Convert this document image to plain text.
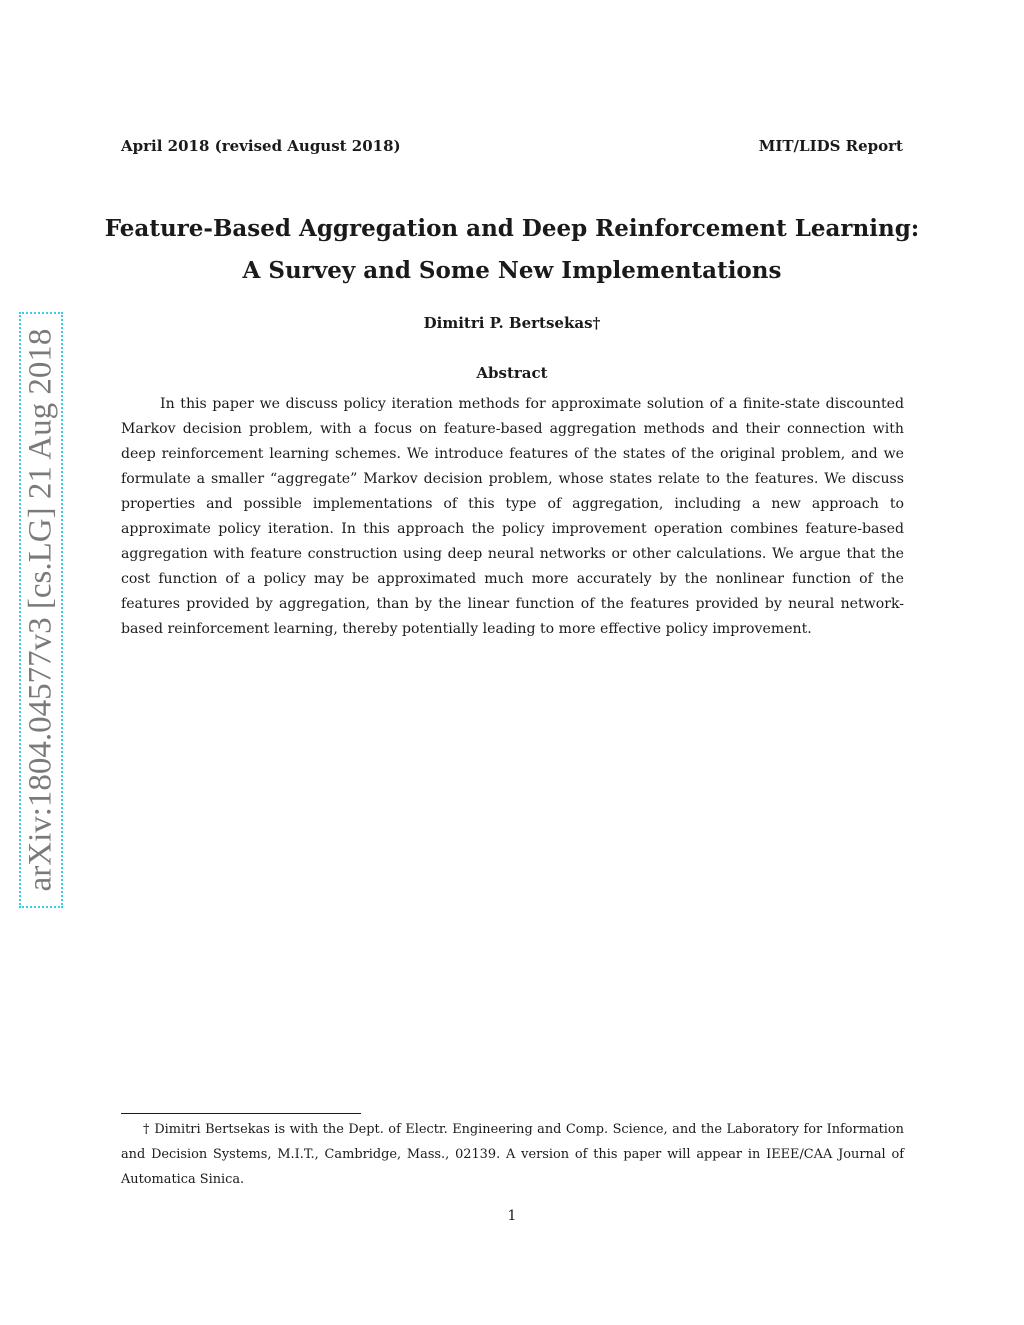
April 2018 (revised August 2018)	MIT/LIDS Report
Feature-Based Aggregation and Deep Reinforcement Learning:
A Survey and Some New Implementations
Dimitri P. Bertsekas†
Abstract
In this paper we discuss policy iteration methods for approximate solution of a finite-state discounted Markov decision problem, with a focus on feature-based aggregation methods and their connection with deep reinforcement learning schemes. We introduce features of the states of the original problem, and we formulate a smaller “aggregate” Markov decision problem, whose states relate to the features. We discuss properties and possible implementations of this type of aggregation, including a new approach to approximate policy iteration. In this approach the policy improvement operation combines feature-based aggregation with feature construction using deep neural networks or other calculations. We argue that the cost function of a policy may be approximated much more accurately by the nonlinear function of the features provided by aggregation, than by the linear function of the features provided by neural network-based reinforcement learning, thereby potentially leading to more effective policy improvement.
arXiv:1804.04577v3 [cs.LG] 21 Aug 2018
† Dimitri Bertsekas is with the Dept. of Electr. Engineering and Comp. Science, and the Laboratory for Information and Decision Systems, M.I.T., Cambridge, Mass., 02139. A version of this paper will appear in IEEE/CAA Journal of Automatica Sinica.
1
